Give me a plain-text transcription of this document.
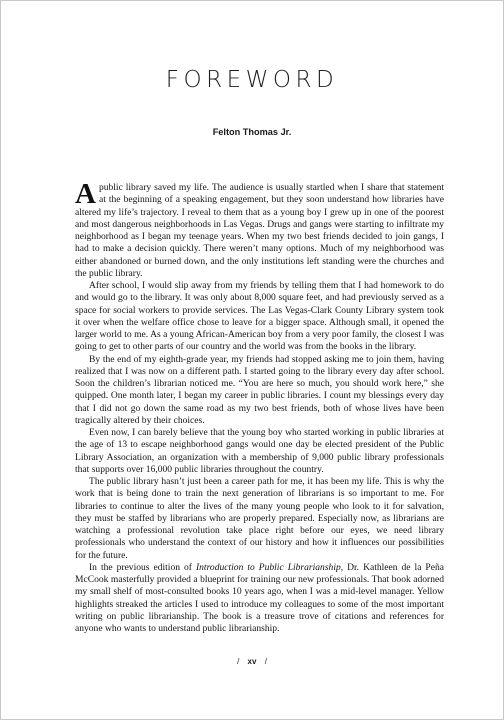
FOREWORD
Felton Thomas Jr.

A public library saved my life. The audience is usually startled when I share that statement at the beginning of a speaking engagement, but they soon understand how libraries have altered my life’s trajectory. I reveal to them that as a young boy I grew up in one of the poorest and most dangerous neighborhoods in Las Vegas. Drugs and gangs were starting to infiltrate my neighborhood as I began my teenage years. When my two best friends decided to join gangs, I had to make a decision quickly. There weren’t many options. Much of my neighborhood was either abandoned or burned down, and the only institutions left standing were the churches and the public library.

After school, I would slip away from my friends by telling them that I had homework to do and would go to the library. It was only about 8,000 square feet, and had previously served as a space for social workers to provide services. The Las Vegas-Clark County Library system took it over when the welfare office chose to leave for a bigger space. Although small, it opened the larger world to me. As a young African-American boy from a very poor family, the closest I was going to get to other parts of our country and the world was from the books in the library.

By the end of my eighth-grade year, my friends had stopped asking me to join them, having realized that I was now on a different path. I started going to the library every day after school. Soon the children’s librarian noticed me. “You are here so much, you should work here,” she quipped. One month later, I began my career in public libraries. I count my blessings every day that I did not go down the same road as my two best friends, both of whose lives have been tragically altered by their choices.

Even now, I can barely believe that the young boy who started working in public libraries at the age of 13 to escape neighborhood gangs would one day be elected president of the Public Library Association, an organization with a membership of 9,000 public library professionals that supports over 16,000 public libraries throughout the country.

The public library hasn’t just been a career path for me, it has been my life. This is why the work that is being done to train the next generation of librarians is so important to me. For libraries to continue to alter the lives of the many young people who look to it for salvation, they must be staffed by librarians who are properly prepared. Especially now, as librarians are watching a professional revolution take place right before our eyes, we need library professionals who understand the context of our history and how it influences our possibilities for the future.

In the previous edition of Introduction to Public Librarianship, Dr. Kathleen de la Peña McCook masterfully provided a blueprint for training our new professionals. That book adorned my small shelf of most-consulted books 10 years ago, when I was a mid-level manager. Yellow highlights streaked the articles I used to introduce my colleagues to some of the most important writing on public librarianship. The book is a treasure trove of citations and references for anyone who wants to understand public librarianship.

/ xv /
